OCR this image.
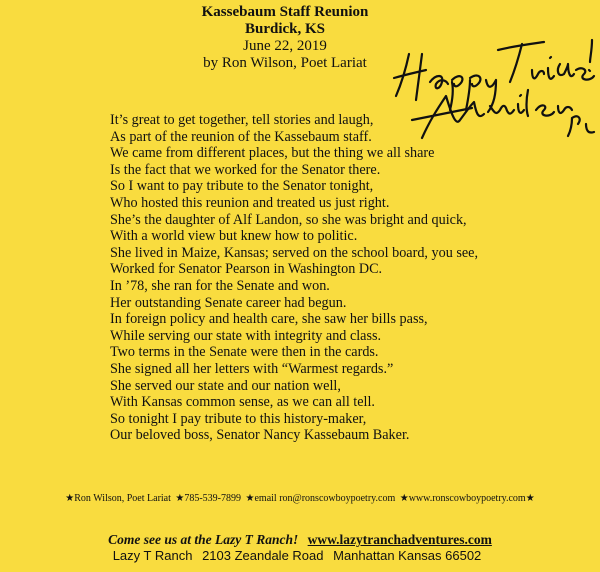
Kassebaum Staff Reunion
Burdick, KS
June 22, 2019
by Ron Wilson, Poet Lariat
It’s great to get together, tell stories and laugh,
As part of the reunion of the Kassebaum staff.
We came from different places, but the thing we all share
Is the fact that we worked for the Senator there.
So I want to pay tribute to the Senator tonight,
Who hosted this reunion and treated us just right.
She’s the daughter of Alf Landon, so she was bright and quick,
With a world view but knew how to politic.
She lived in Maize, Kansas; served on the school board, you see,
Worked for Senator Pearson in Washington DC.
In ’78, she ran for the Senate and won.
Her outstanding Senate career had begun.
In foreign policy and health care, she saw her bills pass,
While serving our state with integrity and class.
Two terms in the Senate were then in the cards.
She signed all her letters with “Warmest regards.”
She served our state and our nation well,
With Kansas common sense, as we can all tell.
So tonight I pay tribute to this history-maker,
Our beloved boss, Senator Nancy Kassebaum Baker.
★Ron Wilson, Poet Lariat ★785-539-7899 ★email ron@ronscowboypoetry.com ★www.ronscowboypoetry.com★
Come see us at the Lazy T Ranch! www.lazytranchadventures.com
Lazy T Ranch 2103 Zeandale Road Manhattan Kansas 66502
